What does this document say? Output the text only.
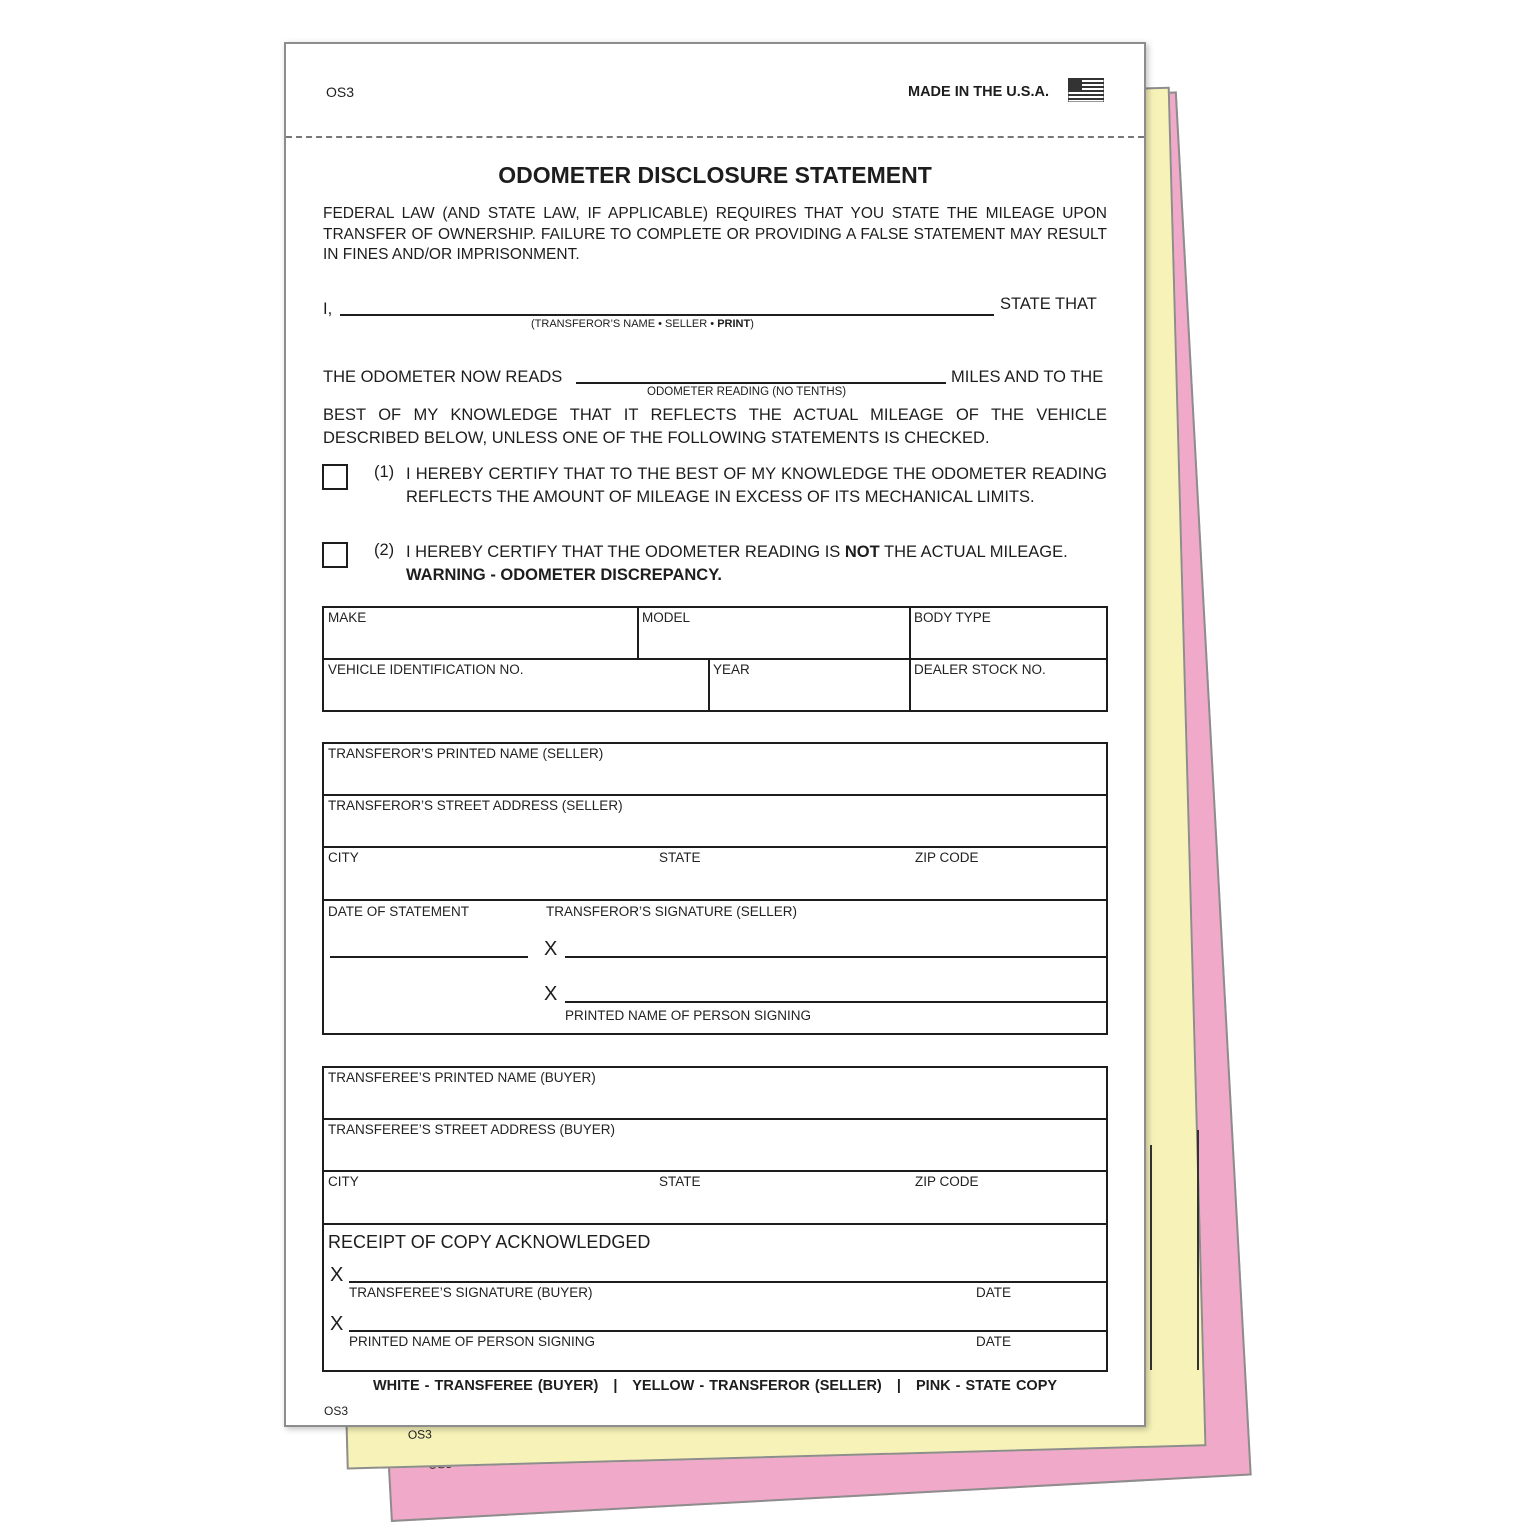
OS3
OS3	MADE IN THE U.S.A.
ODOMETER DISCLOSURE STATEMENT
FEDERAL LAW (AND STATE LAW, IF APPLICABLE) REQUIRES THAT YOU STATE THE MILEAGE UPON TRANSFER OF OWNERSHIP. FAILURE TO COMPLETE OR PROVIDING A FALSE STATEMENT MAY RESULT IN FINES AND/OR IMPRISONMENT.
I,	STATE THAT
(TRANSFEROR’S NAME • SELLER • PRINT)
THE ODOMETER NOW READS
ODOMETER READING (NO TENTHS)
MILES AND TO THE
BEST OF MY KNOWLEDGE THAT IT REFLECTS THE ACTUAL MILEAGE OF THE VEHICLE DESCRIBED BELOW, UNLESS ONE OF THE FOLLOWING STATEMENTS IS CHECKED.
(1) I HEREBY CERTIFY THAT TO THE BEST OF MY KNOWLEDGE THE ODOMETER READING REFLECTS THE AMOUNT OF MILEAGE IN EXCESS OF ITS MECHANICAL LIMITS.
(2) I HEREBY CERTIFY THAT THE ODOMETER READING IS NOT THE ACTUAL MILEAGE.
WARNING - ODOMETER DISCREPANCY.
MAKE	MODEL	BODY TYPE
VEHICLE IDENTIFICATION NO.	YEAR	DEALER STOCK NO.
TRANSFEROR’S PRINTED NAME (SELLER)
TRANSFEROR’S STREET ADDRESS (SELLER)
CITY	STATE	ZIP CODE
DATE OF STATEMENT	TRANSFEROR’S SIGNATURE (SELLER)
X
X
PRINTED NAME OF PERSON SIGNING
TRANSFEREE’S PRINTED NAME (BUYER)
TRANSFEREE’S STREET ADDRESS (BUYER)
CITY	STATE	ZIP CODE
RECEIPT OF COPY ACKNOWLEDGED
X
TRANSFEREE’S SIGNATURE (BUYER)	DATE
X
PRINTED NAME OF PERSON SIGNING	DATE
WHITE - TRANSFEREE (BUYER) | YELLOW - TRANSFEROR (SELLER) | PINK - STATE COPY
OS3
